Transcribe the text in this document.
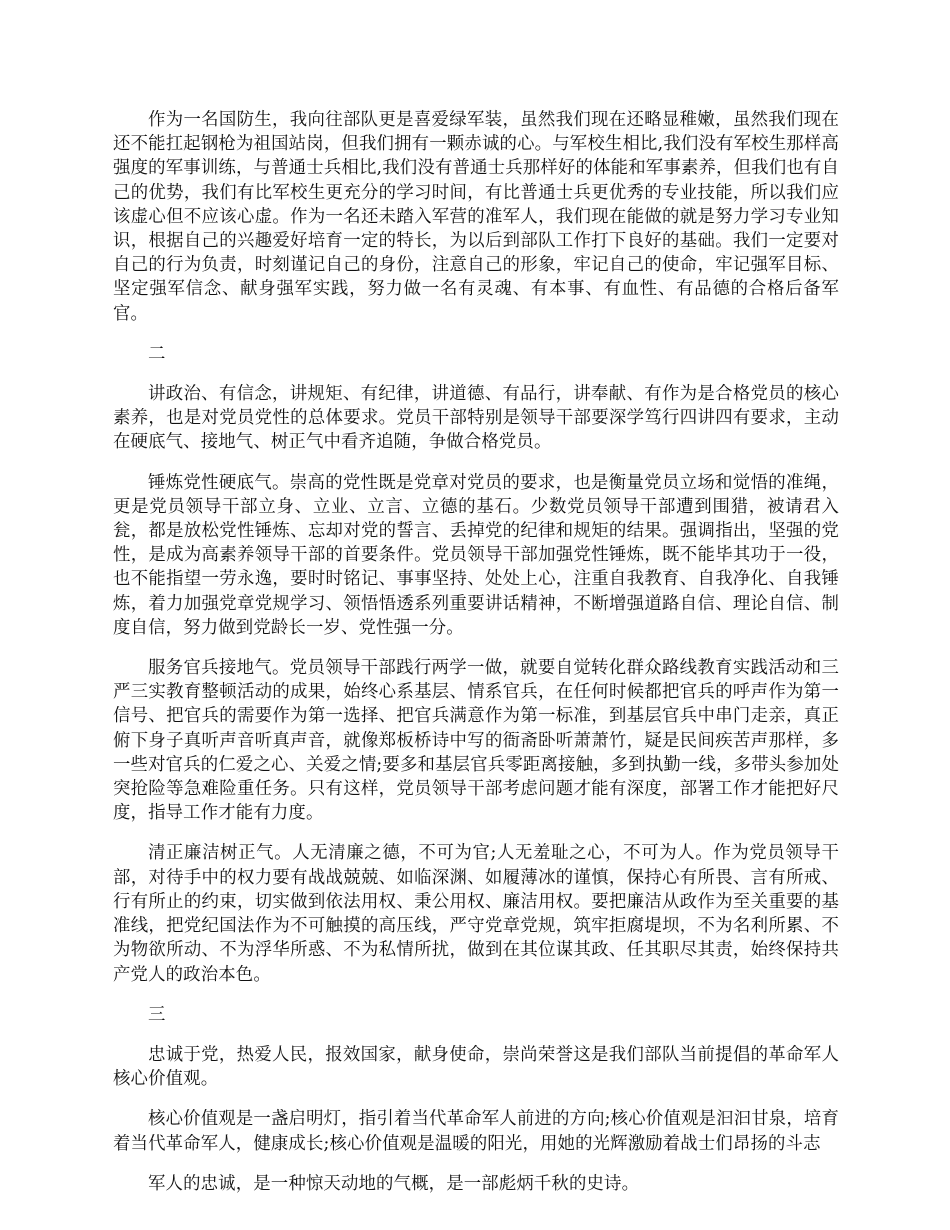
作为一名国防生，我向往部队更是喜爱绿军装，虽然我们现在还略显稚嫩，虽然我们现在还不能扛起钢枪为祖国站岗，但我们拥有一颗赤诚的心。与军校生相比,我们没有军校生那样高强度的军事训练，与普通士兵相比,我们没有普通士兵那样好的体能和军事素养，但我们也有自己的优势，我们有比军校生更充分的学习时间，有比普通士兵更优秀的专业技能，所以我们应该虚心但不应该心虚。作为一名还未踏入军营的准军人，我们现在能做的就是努力学习专业知识，根据自己的兴趣爱好培育一定的特长，为以后到部队工作打下良好的基础。我们一定要对自己的行为负责，时刻谨记自己的身份，注意自己的形象，牢记自己的使命，牢记强军目标、坚定强军信念、献身强军实践，努力做一名有灵魂、有本事、有血性、有品德的合格后备军官。

二

讲政治、有信念，讲规矩、有纪律，讲道德、有品行，讲奉献、有作为是合格党员的核心素养，也是对党员党性的总体要求。党员干部特别是领导干部要深学笃行四讲四有要求，主动在硬底气、接地气、树正气中看齐追随，争做合格党员。

锤炼党性硬底气。崇高的党性既是党章对党员的要求，也是衡量党员立场和觉悟的准绳，更是党员领导干部立身、立业、立言、立德的基石。少数党员领导干部遭到围猎，被请君入瓮，都是放松党性锤炼、忘却对党的誓言、丢掉党的纪律和规矩的结果。强调指出，坚强的党性，是成为高素养领导干部的首要条件。党员领导干部加强党性锤炼，既不能毕其功于一役，也不能指望一劳永逸，要时时铭记、事事坚持、处处上心，注重自我教育、自我净化、自我锤炼，着力加强党章党规学习、领悟悟透系列重要讲话精神，不断增强道路自信、理论自信、制度自信，努力做到党龄长一岁、党性强一分。

服务官兵接地气。党员领导干部践行两学一做，就要自觉转化群众路线教育实践活动和三严三实教育整顿活动的成果，始终心系基层、情系官兵，在任何时候都把官兵的呼声作为第一信号、把官兵的需要作为第一选择、把官兵满意作为第一标准，到基层官兵中串门走亲，真正俯下身子真听声音听真声音，就像郑板桥诗中写的衙斋卧听萧萧竹，疑是民间疾苦声那样，多一些对官兵的仁爱之心、关爱之情;要多和基层官兵零距离接触，多到执勤一线，多带头参加处突抢险等急难险重任务。只有这样，党员领导干部考虑问题才能有深度，部署工作才能把好尺度，指导工作才能有力度。

清正廉洁树正气。人无清廉之德，不可为官;人无羞耻之心，不可为人。作为党员领导干部，对待手中的权力要有战战兢兢、如临深渊、如履薄冰的谨慎，保持心有所畏、言有所戒、行有所止的约束，切实做到依法用权、秉公用权、廉洁用权。要把廉洁从政作为至关重要的基准线，把党纪国法作为不可触摸的高压线，严守党章党规，筑牢拒腐堤坝，不为名利所累、不为物欲所动、不为浮华所惑、不为私情所扰，做到在其位谋其政、任其职尽其责，始终保持共产党人的政治本色。

三

忠诚于党，热爱人民，报效国家，献身使命，崇尚荣誉这是我们部队当前提倡的革命军人核心价值观。

核心价值观是一盏启明灯，指引着当代革命军人前进的方向;核心价值观是汩汩甘泉，培育着当代革命军人，健康成长;核心价值观是温暖的阳光，用她的光辉激励着战士们昂扬的斗志

军人的忠诚，是一种惊天动地的气概，是一部彪炳千秋的史诗。
